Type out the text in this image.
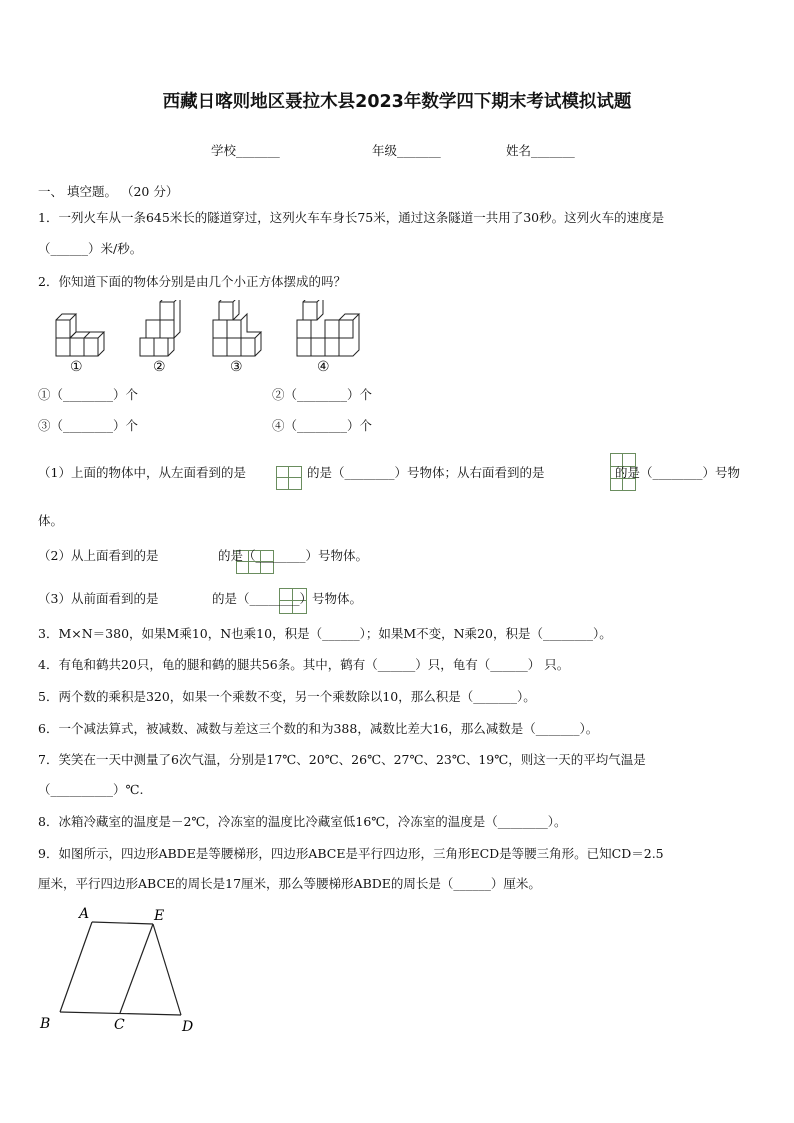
西藏日喀则地区聂拉木县2023年数学四下期末考试模拟试题
学校_______	年级_______	姓名_______
一、 填空题。 （20 分）
1．一列火车从一条645米长的隧道穿过，这列火车车身长75米，通过这条隧道一共用了30秒。这列火车的速度是
（______）米/秒。
2．你知道下面的物体分别是由几个小正方体摆成的吗？
①	②	③	④
①（________）个	②（________）个
③（________）个	④（________）个
（1）上面的物体中，从左面看到的是
	的是（________）号物体；从右面看到的是
	的是（________）号物
体。
（2）从上面看到的是
	的是（________）号物体。
（3）从前面看到的是	的是（________）号物体。
3．M×N＝380，如果M乘10，N也乘10，积是（______）；如果M不变，N乘20，积是（________）。
4．有龟和鹤共20只，龟的腿和鹤的腿共56条。其中，鹤有（______）只，龟有（______） 只。
5．两个数的乘积是320，如果一个乘数不变，另一个乘数除以10，那么积是（_______）。
6．一个减法算式，被减数、减数与差这三个数的和为388，减数比差大16，那么减数是（_______）。
7．笑笑在一天中测量了6次气温，分别是17℃、20℃、26℃、27℃、23℃、19℃，则这一天的平均气温是
（__________）℃.
8．冰箱冷藏室的温度是－2℃，冷冻室的温度比冷藏室低16℃，冷冻室的温度是（________）。
9．如图所示，四边形ABDE是等腰梯形，四边形ABCE是平行四边形，三角形ECD是等腰三角形。已知CD＝2.5
厘米，平行四边形ABCE的周长是17厘米，那么等腰梯形ABDE的周长是（______）厘米。
A	E
B	C	D
